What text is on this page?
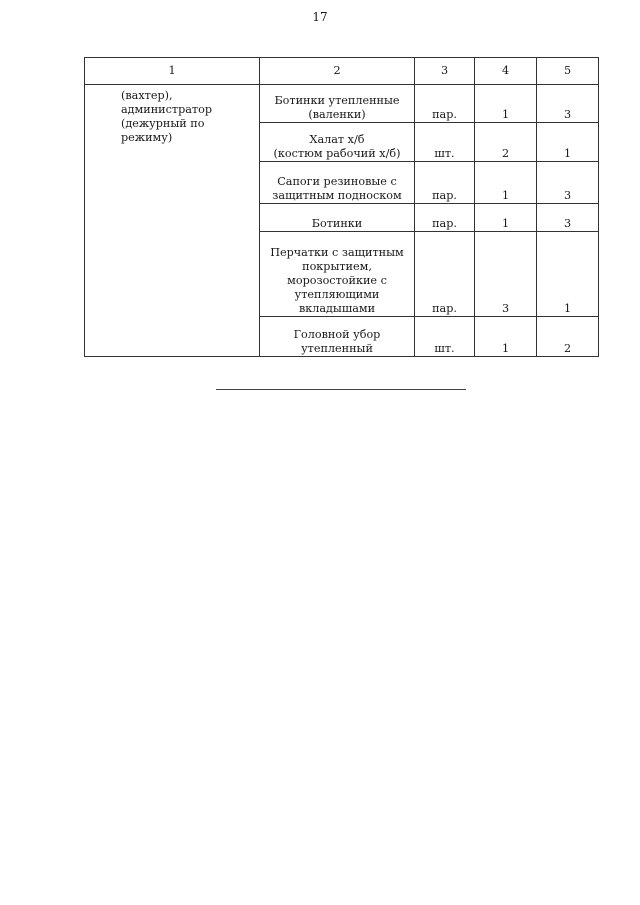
17
1	2	3	4	5

(вахтер),
администратор
(дежурный по режиму)	Ботинки утепленные
(валенки)	пар.	1	3

	Халат х/б
(костюм рабочий х/б)	шт.	2	1

	Сапоги резиновые с
защитным подноском	пар.	1	3

	Ботинки	пар.	1	3

	Перчатки с защитным
покрытием,
морозостойкие с
утепляющими
вкладышами	пар.	3	1

	Головной убор
утепленный	шт.	1	2
